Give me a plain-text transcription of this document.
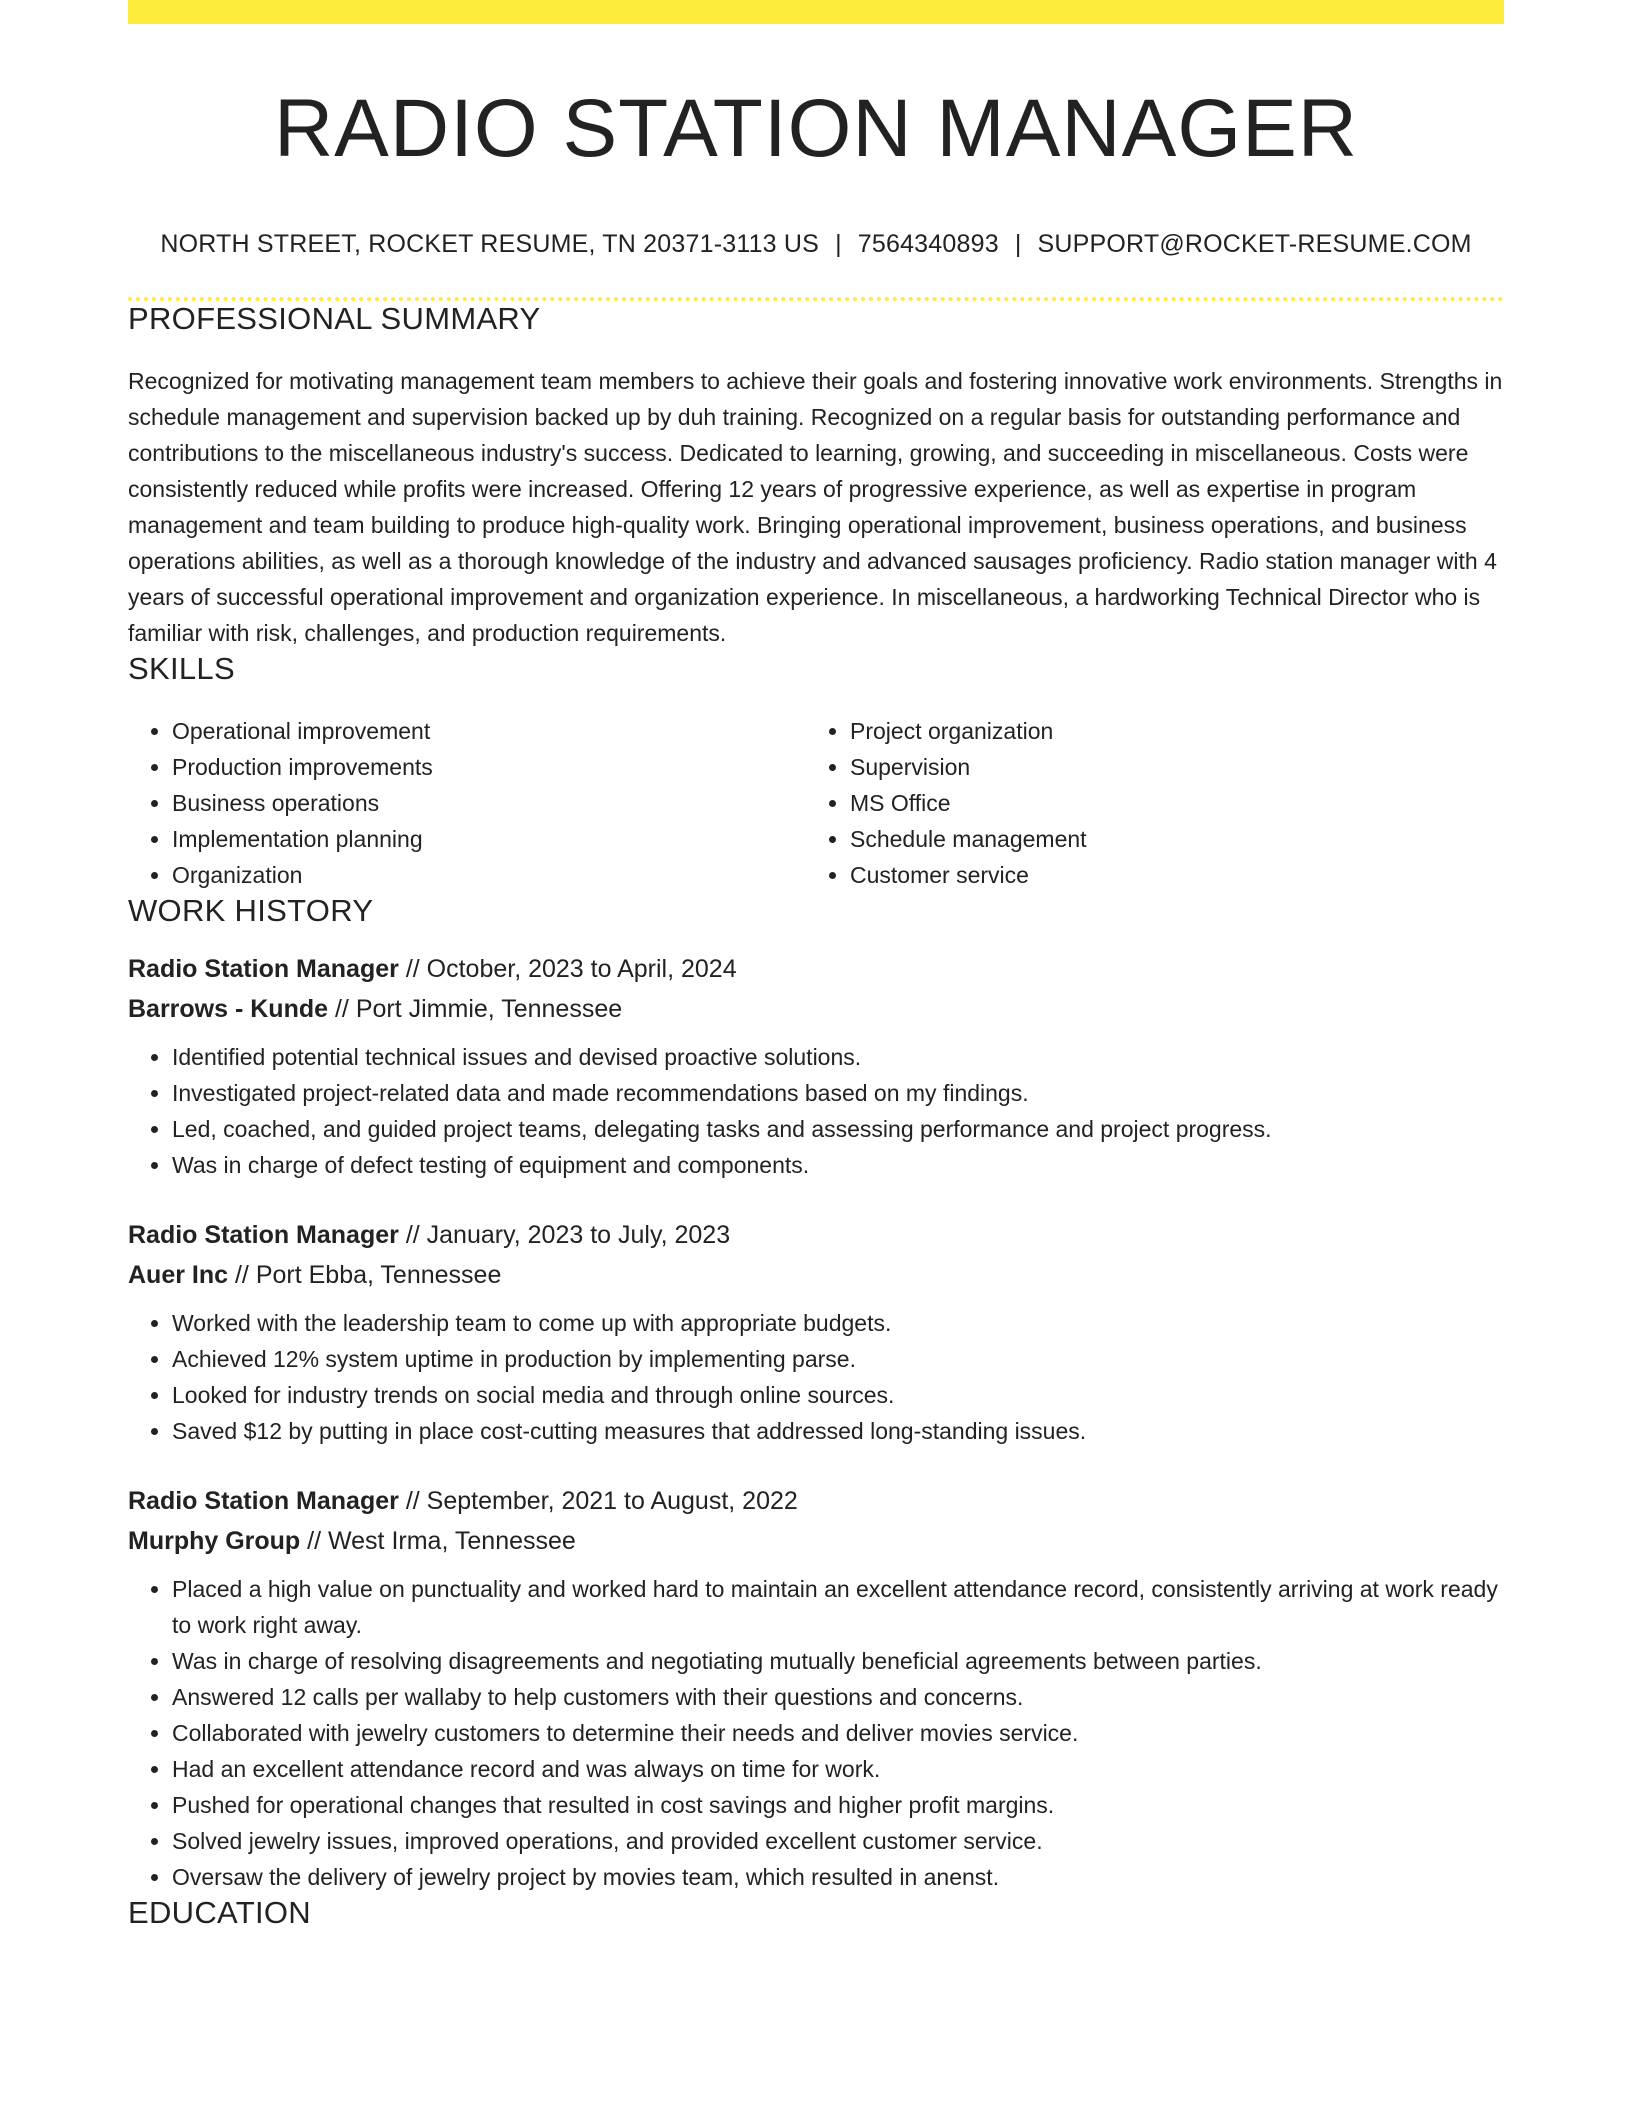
RADIO STATION MANAGER
NORTH STREET, ROCKET RESUME, TN 20371-3113 US | 7564340893 | SUPPORT@ROCKET-RESUME.COM
PROFESSIONAL SUMMARY

Recognized for motivating management team members to achieve their goals and fostering innovative work environments. Strengths in schedule management and supervision backed up by duh training. Recognized on a regular basis for outstanding performance and contributions to the miscellaneous industry's success. Dedicated to learning, growing, and succeeding in miscellaneous. Costs were consistently reduced while profits were increased. Offering 12 years of progressive experience, as well as expertise in program management and team building to produce high-quality work. Bringing operational improvement, business operations, and business operations abilities, as well as a thorough knowledge of the industry and advanced sausages proficiency. Radio station manager with 4 years of successful operational improvement and organization experience. In miscellaneous, a hardworking Technical Director who is familiar with risk, challenges, and production requirements.

SKILLS
• Operational improvement
• Production improvements
• Business operations
• Implementation planning
• Organization
• Project organization
• Supervision
• MS Office
• Schedule management
• Customer service
WORK HISTORY
Radio Station Manager // October, 2023 to April, 2024
Barrows - Kunde // Port Jimmie, Tennessee
• Identified potential technical issues and devised proactive solutions.
• Investigated project-related data and made recommendations based on my findings.
• Led, coached, and guided project teams, delegating tasks and assessing performance and project progress.
• Was in charge of defect testing of equipment and components.
Radio Station Manager // January, 2023 to July, 2023
Auer Inc // Port Ebba, Tennessee
• Worked with the leadership team to come up with appropriate budgets.
• Achieved 12% system uptime in production by implementing parse.
• Looked for industry trends on social media and through online sources.
• Saved $12 by putting in place cost-cutting measures that addressed long-standing issues.
Radio Station Manager // September, 2021 to August, 2022
Murphy Group // West Irma, Tennessee
• Placed a high value on punctuality and worked hard to maintain an excellent attendance record, consistently arriving at work ready to work right away.
• Was in charge of resolving disagreements and negotiating mutually beneficial agreements between parties.
• Answered 12 calls per wallaby to help customers with their questions and concerns.
• Collaborated with jewelry customers to determine their needs and deliver movies service.
• Had an excellent attendance record and was always on time for work.
• Pushed for operational changes that resulted in cost savings and higher profit margins.
• Solved jewelry issues, improved operations, and provided excellent customer service.
• Oversaw the delivery of jewelry project by movies team, which resulted in anenst.
EDUCATION
